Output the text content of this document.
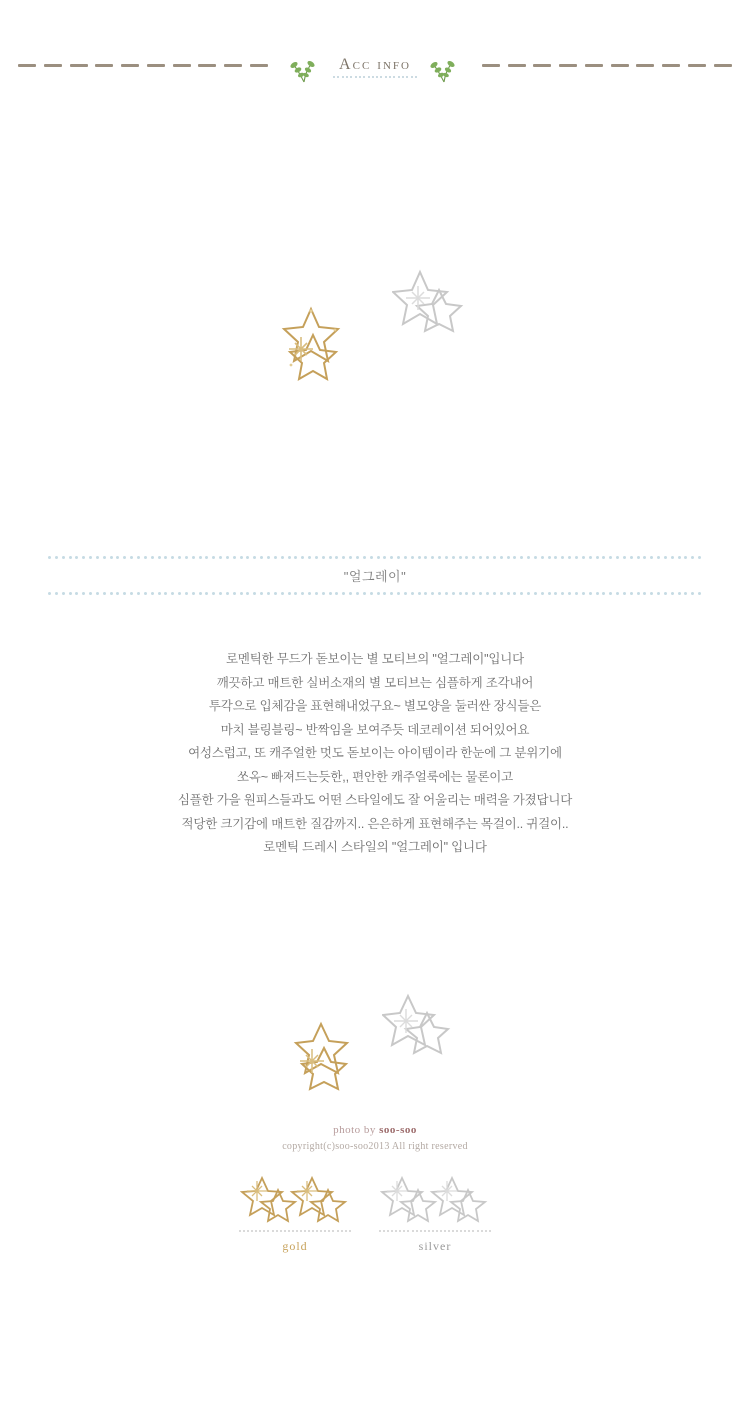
Acc info
"얼그레이"

로멘틱한 무드가 돋보이는 별 모티브의 "얼그레이"입니다

깨끗하고 매트한 실버소재의 별 모티브는 심플하게 조각내어

투각으로 입체감을 표현해내었구요~ 별모양을 둘러싼 장식들은

마치 블링블링~ 반짝임을 보여주듯 데코레이션 되어있어요

여성스럽고, 또 캐주얼한 멋도 돋보이는 아이템이라 한눈에 그 분위기에

쏘옥~ 빠져드는듯한,, 편안한 캐주얼룩에는 물론이고

심플한 가을 원피스들과도 어떤 스타일에도 잘 어울리는 매력을 가졌답니다

적당한 크기감에 매트한 질감까지.. 은은하게 표현해주는 목걸이.. 귀걸이..

로멘틱 드레시 스타일의 "얼그레이" 입니다

photo by soo-soo
copyright(c)soo-soo2013 All right reserved
gold	silver
